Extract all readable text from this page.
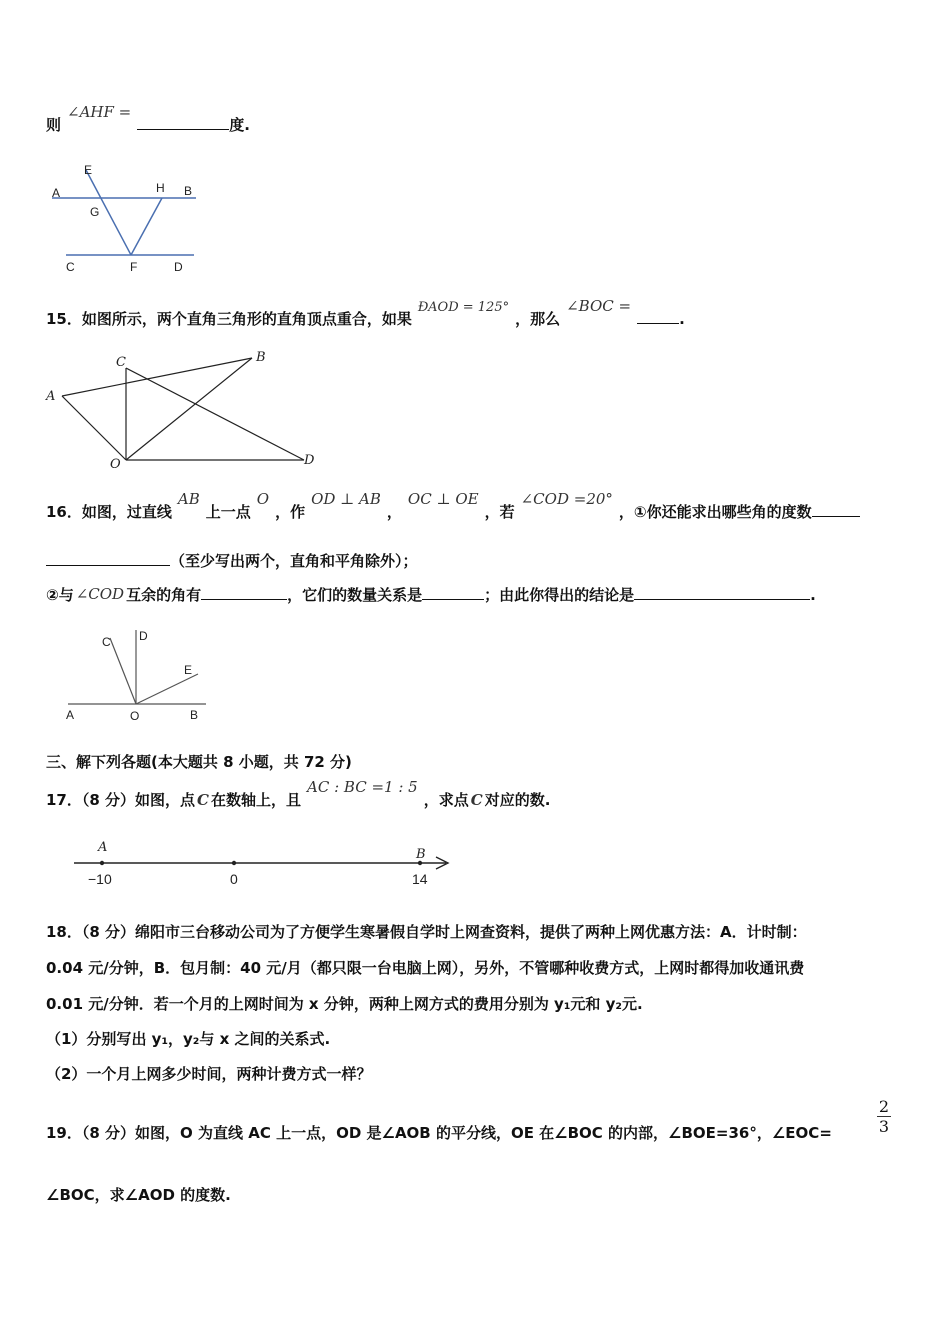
则∠AHF =度.
E
A
G
H B
C	F	D
15．如图所示，两个直角三角形的直角顶点重合，如果ÐAOD = 125°，那么∠BOC =.
C	B
A
O	D
16．如图，过直线AB上一点O，作OD ⊥ AB，OC ⊥ OE，若∠COD =20°，①你还能求出哪些角的度数
（至少写出两个，直角和平角除外）；
②与 ∠COD 互余的角有	，它们的数量关系是	；由此你得出的结论是	.
C D
E
A	O	B
三、解下列各题(本大题共 8 小题，共 72 分)
17．（8 分）如图，点 C 在数轴上，且AC : BC =1 : 5，求点 C 对应的数.
A	B
−10	0	14
18．（8 分）绵阳市三台移动公司为了方便学生寒暑假自学时上网查资料，提供了两种上网优惠方法：A．计时制：
0.04 元/分钟，B．包月制：40 元/月（都只限一台电脑上网），另外，不管哪种收费方式，上网时都得加收通讯费
0.01 元/分钟．若一个月的上网时间为 x 分钟，两种上网方式的费用分别为 y₁元和 y₂元.
（1）分别写出 y₁，y₂与 x 之间的关系式.
（2）一个月上网多少时间，两种计费方式一样？
19．（8 分）如图，O 为直线 AC 上一点，OD 是∠AOB 的平分线，OE 在∠BOC 的内部，∠BOE=36°，∠EOC=	$\frac{2}{3}$
∠BOC，求∠AOD 的度数.
